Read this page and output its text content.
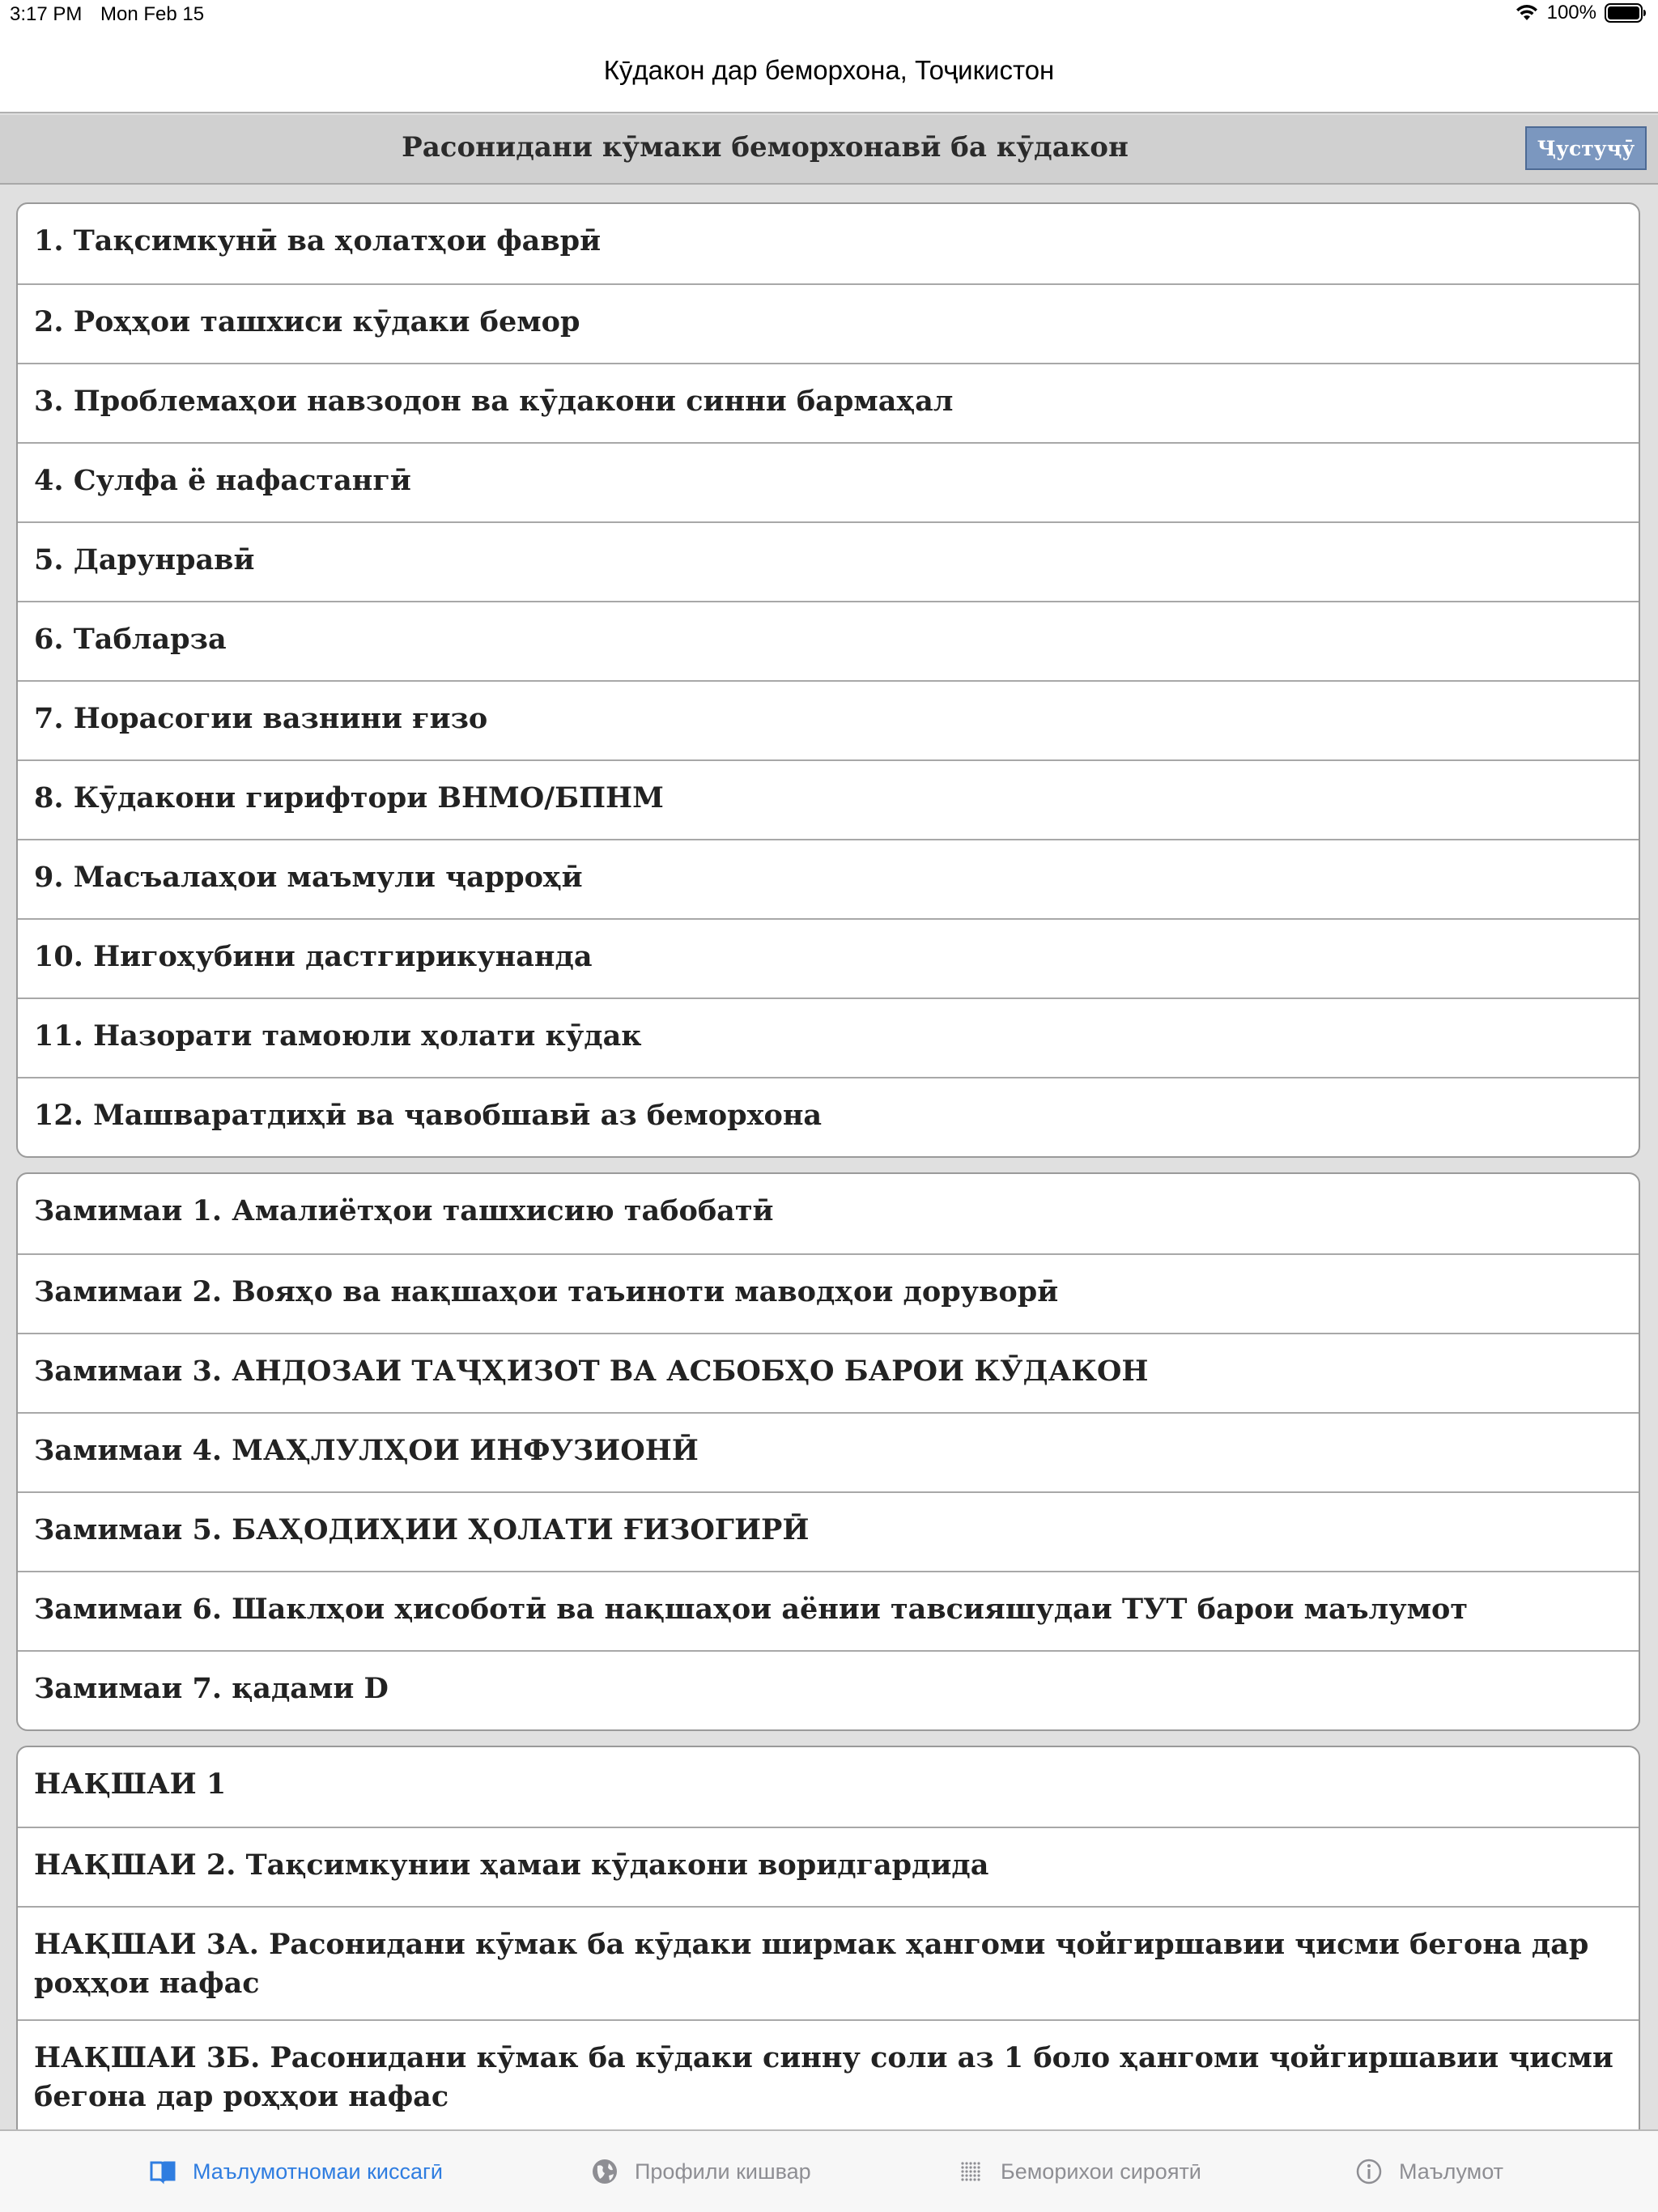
3:17 PM Mon Feb 15	100%
Кӯдакон дар беморхона, Тоҷикистон
Расонидани кӯмаки беморхонавӣ ба кӯдакон	Ҷустуҷӯ
1. Тақсимкунӣ ва ҳолатҳои фаврӣ
2. Роҳҳои ташхиси кӯдаки бемор
3. Проблемаҳои навзодон ва кӯдакони синни бармаҳал
4. Сулфа ё нафастангӣ
5. Дарунравӣ
6. Табларза
7. Норасогии вазнини ғизо
8. Кӯдакони гирифтори ВНМО/БПНМ
9. Масъалаҳои маъмули ҷарроҳӣ
10. Нигоҳубини дастгирикунанда
11. Назорати тамоюли ҳолати кӯдак
12. Машваратдиҳӣ ва ҷавобшавӣ аз беморхона
Замимаи 1. Амалиётҳои ташхисию табобатӣ
Замимаи 2. Вояҳо ва нақшаҳои таъиноти маводҳои доруворӣ
Замимаи 3. АНДОЗАИ ТАҶҲИЗОТ ВА АСБОБҲО БАРОИ КӮДАКОН
Замимаи 4. МАҲЛУЛҲОИ ИНФУЗИОНӢ
Замимаи 5. БАҲОДИҲИИ ҲОЛАТИ ҒИЗОГИРӢ
Замимаи 6. Шаклҳои ҳисоботӣ ва нақшаҳои аёнии тавсияшудаи ТУТ барои маълумот
Замимаи 7. қадами D
НАҚШАИ 1
НАҚШАИ 2. Тақсимкунии ҳамаи кӯдакони воридгардида
НАҚШАИ 3А. Расонидани кӯмак ба кӯдаки ширмак ҳангоми ҷойгиршавии ҷисми бегона дар роҳҳои нафас
НАҚШАИ 3Б. Расонидани кӯмак ба кӯдаки синну соли аз 1 боло ҳангоми ҷойгиршавии ҷисми бегона дар роҳҳои нафас
Маълумотномаи киссагӣ	Профили кишвар	Беморихои сироятӣ	Маълумот
